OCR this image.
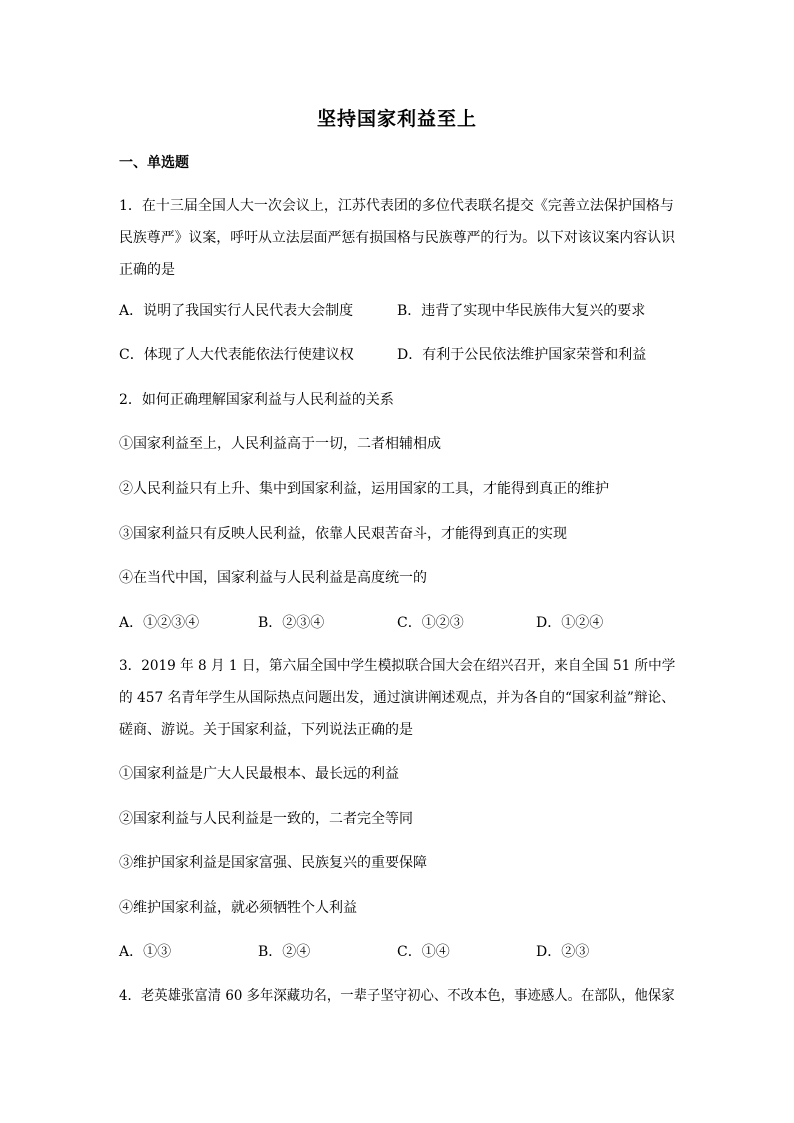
坚持国家利益至上
一、单选题
1．在十三届全国人大一次会议上，江苏代表团的多位代表联名提交《完善立法保护国格与
民族尊严》议案，呼吁从立法层面严惩有损国格与民族尊严的行为。以下对该议案内容认识
正确的是
A．说明了我国实行人民代表大会制度	B．违背了实现中华民族伟大复兴的要求
C．体现了人大代表能依法行使建议权	D．有利于公民依法维护国家荣誉和利益
2．如何正确理解国家利益与人民利益的关系
①国家利益至上，人民利益高于一切，二者相辅相成
②人民利益只有上升、集中到国家利益，运用国家的工具，才能得到真正的维护
③国家利益只有反映人民利益，依靠人民艰苦奋斗，才能得到真正的实现
④在当代中国，国家利益与人民利益是高度统一的
A．①②③④	B．②③④	C．①②③	D．①②④
3．2019 年 8 月 1 日，第六届全国中学生模拟联合国大会在绍兴召开，来自全国 51 所中学
的 457 名青年学生从国际热点问题出发，通过演讲阐述观点，并为各自的“国家利益”辩论、
磋商、游说。关于国家利益，下列说法正确的是
①国家利益是广大人民最根本、最长远的利益
②国家利益与人民利益是一致的，二者完全等同
③维护国家利益是国家富强、民族复兴的重要保障
④维护国家利益，就必须牺牲个人利益
A．①③	B．②④	C．①④	D．②③
4．老英雄张富清 60 多年深藏功名，一辈子坚守初心、不改本色，事迹感人。在部队，他保家
